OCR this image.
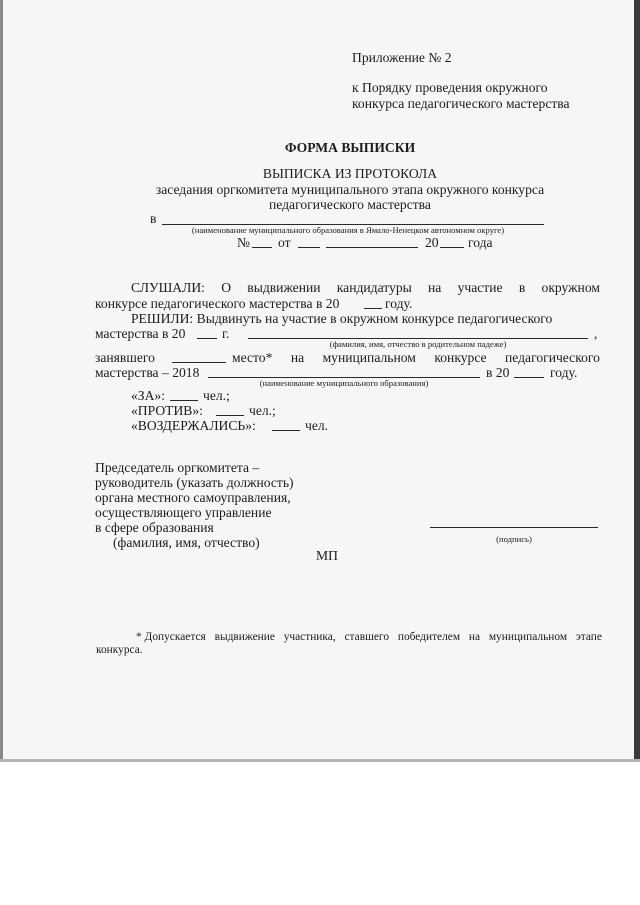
Приложение № 2
к Порядку проведения окружного
конкурса педагогического мастерства
ФОРМА ВЫПИСКИ
ВЫПИСКА ИЗ ПРОТОКОЛА
заседания оргкомитета муниципального этапа окружного конкурса
педагогического мастерства
в
(наименование муниципального образования в Ямало-Ненецком автономном округе)
№ от	20 года
СЛУШАЛИ: О выдвижении кандидатуры на участие в окружном
конкурсе педагогического мастерства в 20	году.
РЕШИЛИ: Выдвинуть на участие в окружном конкурсе педагогического
мастерства в 20	г.	,
(фамилия, имя, отчество в родительном падеже)
занявшего	место* на муниципальном конкурсе педагогического
мастерства – 2018	в 20	году.
(наименование муниципального образования)
«ЗА»:	чел.;
«ПРОТИВ»:	чел.;
«ВОЗДЕРЖАЛИСЬ»:	чел.
Председатель оргкомитета –
руководитель (указать должность)
органа местного самоуправления,
осуществляющего управление
в сфере образования
(фамилия, имя, отчество)	(подпись)
МП
* Допускается выдвижение участника, ставшего победителем на муниципальном этапе
конкурса.
